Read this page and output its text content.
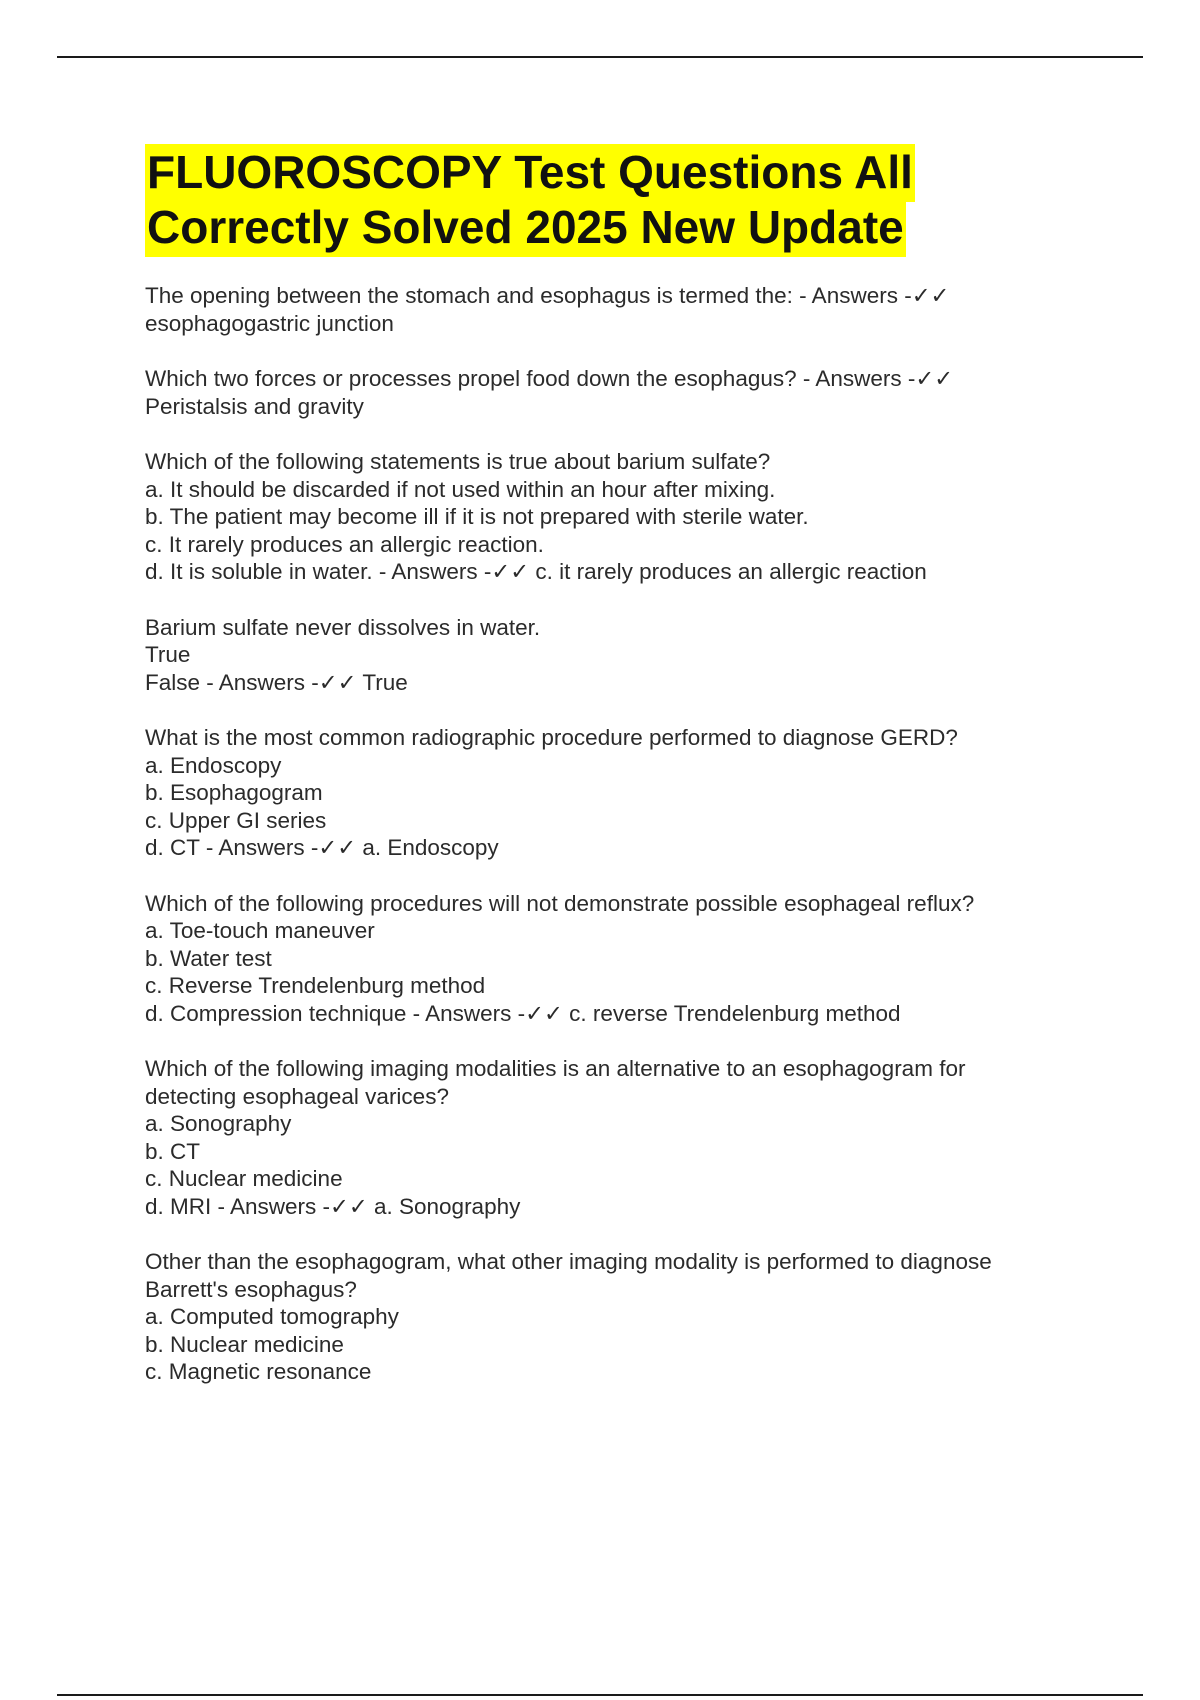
FLUOROSCOPY Test Questions All
Correctly Solved 2025 New Update

The opening between the stomach and esophagus is termed the: - Answers -✓✓

esophagogastric junction

Which two forces or processes propel food down the esophagus? - Answers -✓✓

Peristalsis and gravity

Which of the following statements is true about barium sulfate?

a. It should be discarded if not used within an hour after mixing.

b. The patient may become ill if it is not prepared with sterile water.

c. It rarely produces an allergic reaction.

d. It is soluble in water. - Answers -✓✓ c. it rarely produces an allergic reaction

Barium sulfate never dissolves in water.

True

False - Answers -✓✓ True

What is the most common radiographic procedure performed to diagnose GERD?

a. Endoscopy

b. Esophagogram

c. Upper GI series

d. CT - Answers -✓✓ a. Endoscopy

Which of the following procedures will not demonstrate possible esophageal reflux?

a. Toe-touch maneuver

b. Water test

c. Reverse Trendelenburg method

d. Compression technique - Answers -✓✓ c. reverse Trendelenburg method

Which of the following imaging modalities is an alternative to an esophagogram for

detecting esophageal varices?

a. Sonography

b. CT

c. Nuclear medicine

d. MRI - Answers -✓✓ a. Sonography

Other than the esophagogram, what other imaging modality is performed to diagnose

Barrett's esophagus?

a. Computed tomography

b. Nuclear medicine

c. Magnetic resonance
